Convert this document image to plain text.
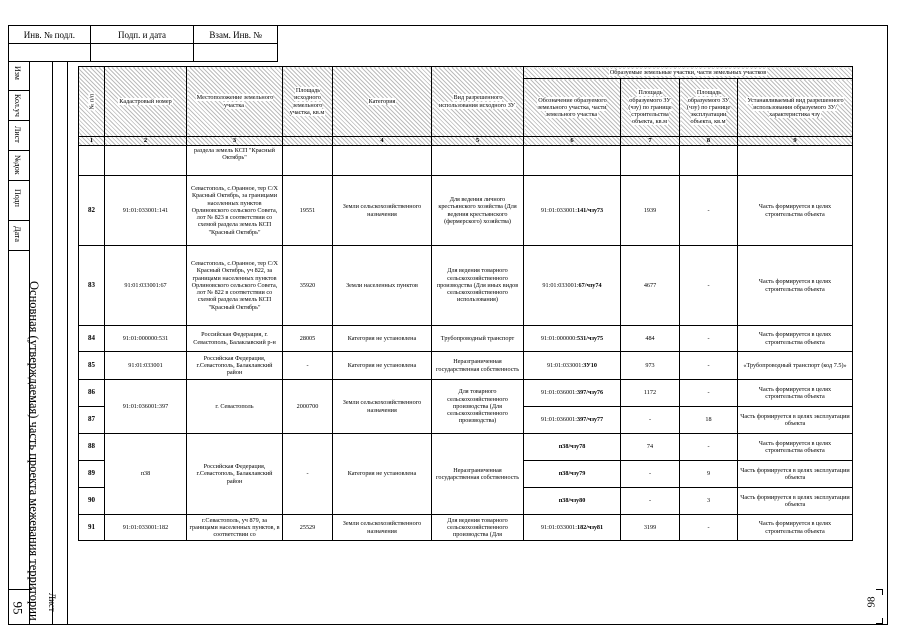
Инв. № подл.	Подп. и дата	Взам. Инв. №

Изм
Кол.уч
Лист
№док
Подп
Дата
Основная (утверждаемая) часть проекта межевания территории
95 Лист
№ п/п	Кадастровый номер	Местоположение земельного участка	Площадь исходного земельного участка, кв.м	Категория	Вид разрешенного использования исходного ЗУ	Образуемые земельные участки, части земельных участков			
						Обозначение образуемого земельного участка, части земельного участка	Площадь образуемого ЗУ (чзу) по границе строительства объекта, кв.м	Площадь образуемого ЗУ (чзу) по границе эксплуатации объекта, кв.м	Устанавливаемый вид разрешенного использования образуемого ЗУ/характеристика чзу
1	2	3		4	5	6	7	8	9
		раздела земель КСП "Красный Октябрь"							
82	91:01:033001:141	Севастополь, с.Оранное, тер С/Х Красный Октябрь, за границами населенных пунктов Орлиновского сельского Совета, лот № 823 в соответствии со схемой раздела земель КСП "Красный Октябрь"	19551	Земли сельскохозяйственного назначения	Для ведения личного крестьянского хозяйства (Для ведения крестьянского (фермерского) хозяйства)	91:01:033001:141/чзу73	1939	-	Часть формируется в целях строительства объекта
83	91:01:033001:67	Севастополь, с.Оранное, тер С/Х Красный Октябрь, уч 822, за границами населенных пунктов Орлиновского сельского Совета, лот № 822 в соответствии со схемой раздела земель КСП "Красный Октябрь"	35920	Земли населенных пунктов	Для ведения товарного сельскохозяйственного производства (Для иных видов сельскохозяйственного использования)	91:01:033001:67/чзу74	4677	-	Часть формируется в целях строительства объекта
84	91:01:000000:531	Российская Федерация, г. Севастополь, Балаклавский р-н	28005	Категория не установлена	Трубопроводный транспорт	91:01:000000:531/чзу75	484	-	Часть формируется в целях строительства объекта
85	91:01:033001	Российская Федерация, г.Севастополь, Балаклавский район	-	Категория не установлена	Неразграниченная государственная собственность	91:01:033001:ЗУ10	973	-	«Трубопроводный транспорт (код 7.5)»
86	91:01:036001:397	г. Севастополь	2000700	Земли сельскохозяйственного назначения	Для товарного сельскохозяйственного производства (Для сельскохозяйственного производства)	91:01:036001:397/чзу76	1172	-	Часть формируется в целях строительства объекта
87						91:01:036001:397/чзу77	-	18	Часть формируется в целях эксплуатации объекта
88	п38	Российская Федерация, г.Севастополь, Балаклавский район	-	Категория не установлена	Неразграниченная государственная собственность	п38/чзу78	74	-	Часть формируется в целях строительства объекта
89						п38/чзу79	-	9	Часть формируется в целях эксплуатации объекта
90						п38/чзу80	-	3	Часть формируется в целях эксплуатации объекта
91	91:01:033001:182	г.Севастополь, уч 879, за границами населенных пунктов, в соответствии со	25529	Земли сельскохозяйственного назначения	Для ведения товарного сельскохозяйственного производства (Для	91:01:033001:182/чзу81	3199	-	Часть формируется в целях строительства объекта
98
